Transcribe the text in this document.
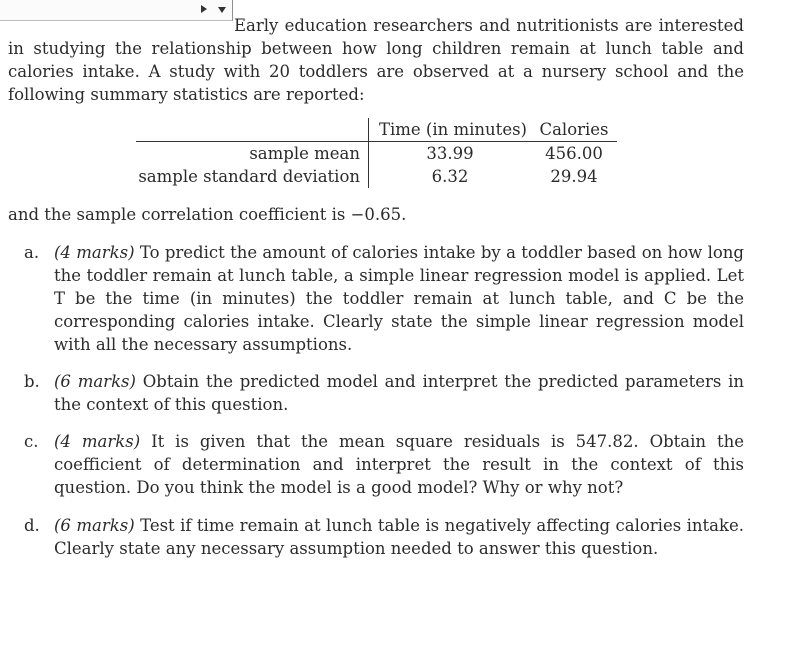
Early education researchers and nutritionists are interested in studying the relationship between how long children remain at lunch table and calories intake. A study with 20 toddlers are observed at a nursery school and the following summary statistics are reported:

	Time (in minutes)	Calories
sample mean	33.99	456.00
sample standard deviation	6.32	29.94

and the sample correlation coefficient is −0.65.

a. (4 marks) To predict the amount of calories intake by a toddler based on how long the toddler remain at lunch table, a simple linear regression model is applied. Let T be the time (in minutes) the toddler remain at lunch table, and C be the corresponding calories intake. Clearly state the simple linear regression model with all the necessary assumptions.
b. (6 marks) Obtain the predicted model and interpret the predicted parameters in the context of this question.
c. (4 marks) It is given that the mean square residuals is 547.82. Obtain the coefficient of determination and interpret the result in the context of this question. Do you think the model is a good model? Why or why not?
d. (6 marks) Test if time remain at lunch table is negatively affecting calories intake. Clearly state any necessary assumption needed to answer this question.
